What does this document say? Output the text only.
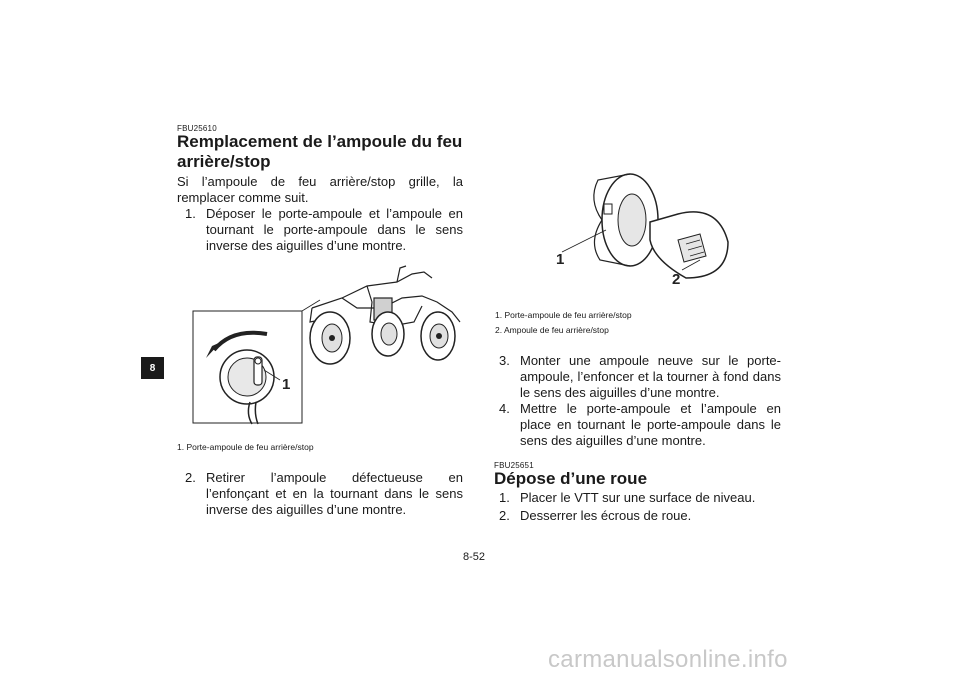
8
FBU25610
Remplacement de l’ampoule du feu
arrière/stop
Si l’ampoule de feu arrière/stop grille, la remplacer comme suit.
1. Déposer le porte-ampoule et l’ampoule en tournant le porte-ampoule dans le sens inverse des aiguilles d’une montre.
1
1. Porte-ampoule de feu arrière/stop
2. Retirer l’ampoule défectueuse en l’enfonçant et en la tournant dans le sens inverse des aiguilles d’une montre.
1
2
1. Porte-ampoule de feu arrière/stop
2. Ampoule de feu arrière/stop
3. Monter une ampoule neuve sur le porte-ampoule, l’enfoncer et la tourner à fond dans le sens des aiguilles d’une montre.
4. Mettre le porte-ampoule et l’ampoule en place en tournant le porte-ampoule dans le sens des aiguilles d’une montre.
FBU25651
Dépose d’une roue
1. Placer le VTT sur une surface de niveau.
2. Desserrer les écrous de roue.
8-52
carmanualsonline.info
